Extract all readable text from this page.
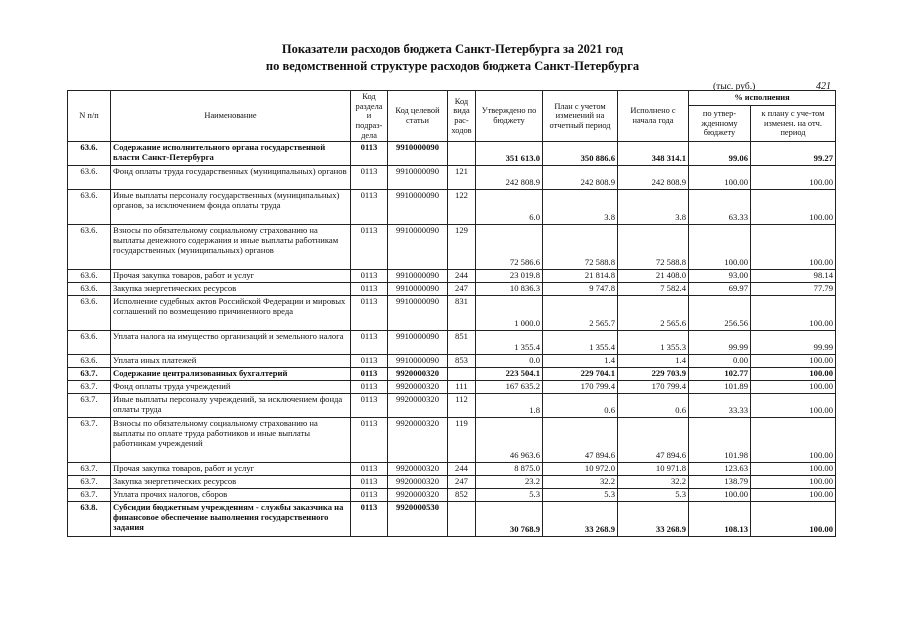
Показатели расходов бюджета Санкт-Петербурга за 2021 год
по ведомственной структуре расходов бюджета Санкт-Петербурга
(тыс. руб.)	421
N п/п	Наименование	Код раздела и подраз-дела	Код целевой статьи	Код вида рас-ходов	Утверждено по бюджету	План с учетом изменений на отчетный период	Исполнено с начала года	% исполнения	
								по утвер-жденному бюджету	к плану с уче-том изменен. на отч. период
63.6.	Содержание исполнительного органа государственной власти Санкт-Петербурга	0113	9910000090		351 613.0	350 886.6	348 314.1	99.06	99.27
63.6.	Фонд оплаты труда государственных (муниципальных) органов	0113	9910000090	121	242 808.9	242 808.9	242 808.9	100.00	100.00
63.6.	Иные выплаты персоналу государственных (муниципальных) органов, за исключением фонда оплаты труда	0113	9910000090	122	6.0	3.8	3.8	63.33	100.00
63.6.	Взносы по обязательному социальному страхованию на выплаты денежного содержания и иные выплаты работникам государственных (муниципальных) органов	0113	9910000090	129	72 586.6	72 588.8	72 588.8	100.00	100.00
63.6.	Прочая закупка товаров, работ и услуг	0113	9910000090	244	23 019.8	21 814.8	21 408.0	93.00	98.14
63.6.	Закупка энергетических ресурсов	0113	9910000090	247	10 836.3	9 747.8	7 582.4	69.97	77.79
63.6.	Исполнение судебных актов Российской Федерации и мировых соглашений по возмещению причиненного вреда	0113	9910000090	831	1 000.0	2 565.7	2 565.6	256.56	100.00
63.6.	Уплата налога на имущество организаций и земельного налога	0113	9910000090	851	1 355.4	1 355.4	1 355.3	99.99	99.99
63.6.	Уплата иных платежей	0113	9910000090	853	0.0	1.4	1.4	0.00	100.00
63.7.	Содержание централизованных бухгалтерий	0113	9920000320		223 504.1	229 704.1	229 703.9	102.77	100.00
63.7.	Фонд оплаты труда учреждений	0113	9920000320	111	167 635.2	170 799.4	170 799.4	101.89	100.00
63.7.	Иные выплаты персоналу учреждений, за исключением фонда оплаты труда	0113	9920000320	112	1.8	0.6	0.6	33.33	100.00
63.7.	Взносы по обязательному социальному страхованию на выплаты по оплате труда работников и иные выплаты работникам учреждений	0113	9920000320	119	46 963.6	47 894.6	47 894.6	101.98	100.00
63.7.	Прочая закупка товаров, работ и услуг	0113	9920000320	244	8 875.0	10 972.0	10 971.8	123.63	100.00
63.7.	Закупка энергетических ресурсов	0113	9920000320	247	23.2	32.2	32.2	138.79	100.00
63.7.	Уплата прочих налогов, сборов	0113	9920000320	852	5.3	5.3	5.3	100.00	100.00
63.8.	Субсидии бюджетным учреждениям - службы заказчика на финансовое обеспечение выполнения государственного задания	0113	9920000530		30 768.9	33 268.9	33 268.9	108.13	100.00
